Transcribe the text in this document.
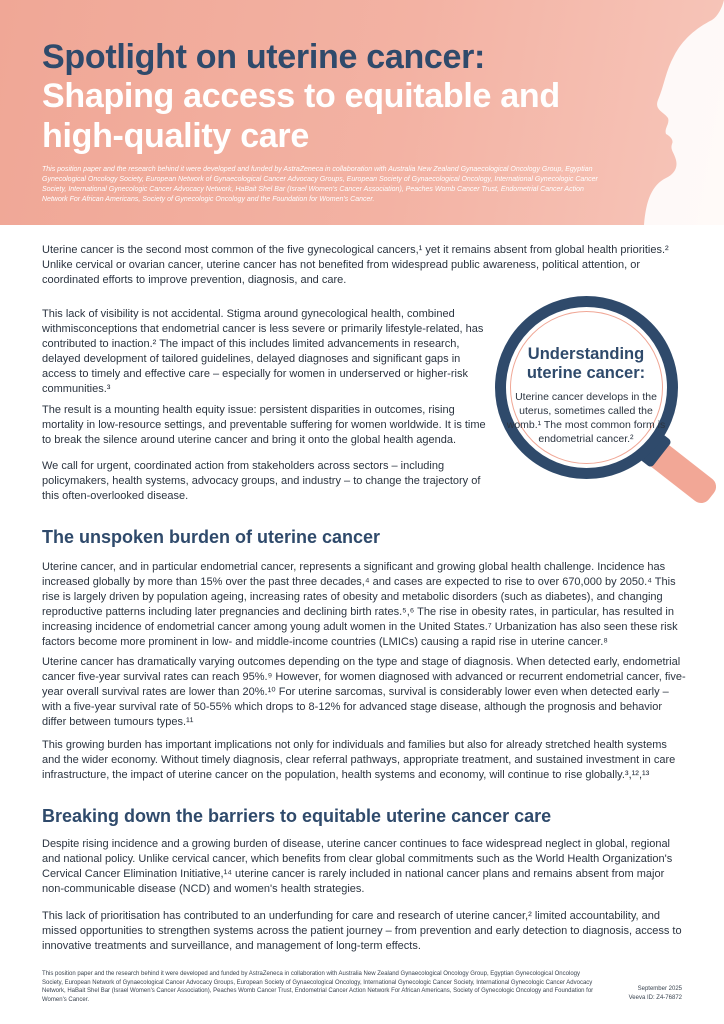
Spotlight on uterine cancer:
Shaping access to equitable and high-quality care

This position paper and the research behind it were developed and funded by AstraZeneca in collaboration with Australia New Zealand Gynaecological Oncology Group, Egyptian Gynecological Oncology Society, European Network of Gynaecological Cancer Advocacy Groups, European Society of Gynaecological Oncology, International Gynecologic Cancer Society, International Gynecologic Cancer Advocacy Network, HaBait Shel Bar (Israel Women's Cancer Association), Peaches Womb Cancer Trust, Endometrial Cancer Action Network For African Americans, Society of Gynecologic Oncology and the Foundation for Women's Cancer.

Uterine cancer is the second most common of the five gynecological cancers,¹ yet it remains absent from global health priorities.² Unlike cervical or ovarian cancer, uterine cancer has not benefited from widespread public awareness, political attention, or coordinated efforts to improve prevention, diagnosis, and care.

This lack of visibility is not accidental. Stigma around gynecological health, combined withmisconceptions that endometrial cancer is less severe or primarily lifestyle-related, has contributed to inaction.² The impact of this includes limited advancements in research, delayed development of tailored guidelines, delayed diagnoses and significant gaps in access to timely and effective care – especially for women in underserved or higher-risk communities.³

The result is a mounting health equity issue: persistent disparities in outcomes, rising mortality in low-resource settings, and preventable suffering for women worldwide. It is time to break the silence around uterine cancer and bring it onto the global health agenda.

We call for urgent, coordinated action from stakeholders across sectors – including policymakers, health systems, advocacy groups, and industry – to change the trajectory of this often-overlooked disease.

Understanding uterine cancer:

Uterine cancer develops in the uterus, sometimes called the womb.¹ The most common form is endometrial cancer.²

The unspoken burden of uterine cancer

Uterine cancer, and in particular endometrial cancer, represents a significant and growing global health challenge. Incidence has increased globally by more than 15% over the past three decades,⁴ and cases are expected to rise to over 670,000 by 2050.⁴ This rise is largely driven by population ageing, increasing rates of obesity and metabolic disorders (such as diabetes), and changing reproductive patterns including later pregnancies and declining birth rates.⁵,⁶ The rise in obesity rates, in particular, has resulted in increasing incidence of endometrial cancer among young adult women in the United States.⁷ Urbanization has also seen these risk factors become more prominent in low- and middle-income countries (LMICs) causing a rapid rise in uterine cancer.⁸

Uterine cancer has dramatically varying outcomes depending on the type and stage of diagnosis. When detected early, endometrial cancer five-year survival rates can reach 95%.⁹ However, for women diagnosed with advanced or recurrent endometrial cancer, five-year overall survival rates are lower than 20%.¹⁰ For uterine sarcomas, survival is considerably lower even when detected early – with a five-year survival rate of 50-55% which drops to 8-12% for advanced stage disease, although the prognosis and behavior differ between tumours types.¹¹

This growing burden has important implications not only for individuals and families but also for already stretched health systems and the wider economy. Without timely diagnosis, clear referral pathways, appropriate treatment, and sustained investment in care infrastructure, the impact of uterine cancer on the population, health systems and economy, will continue to rise globally.³,¹²,¹³

Breaking down the barriers to equitable uterine cancer care

Despite rising incidence and a growing burden of disease, uterine cancer continues to face widespread neglect in global, regional and national policy. Unlike cervical cancer, which benefits from clear global commitments such as the World Health Organization's Cervical Cancer Elimination Initiative,¹⁴ uterine cancer is rarely included in national cancer plans and remains absent from major non-communicable disease (NCD) and women's health strategies.

This lack of prioritisation has contributed to an underfunding for care and research of uterine cancer,² limited accountability, and missed opportunities to strengthen systems across the patient journey – from prevention and early detection to diagnosis, access to innovative treatments and surveillance, and management of long-term effects.

This position paper and the research behind it were developed and funded by AstraZeneca in collaboration with Australia New Zealand Gynaecological Oncology Group, Egyptian Gynecological Oncology Society, European Network of Gynaecological Cancer Advocacy Groups, European Society of Gynaecological Oncology, International Gynecologic Cancer Society, International Gynecologic Cancer Advocacy Network, HaBait Shel Bar (Israel Women's Cancer Association), Peaches Womb Cancer Trust, Endometrial Cancer Action Network For African Americans, Society of Gynecologic Oncology and Foundation for Women's Cancer.

September 2025
Veeva ID: Z4-76872
